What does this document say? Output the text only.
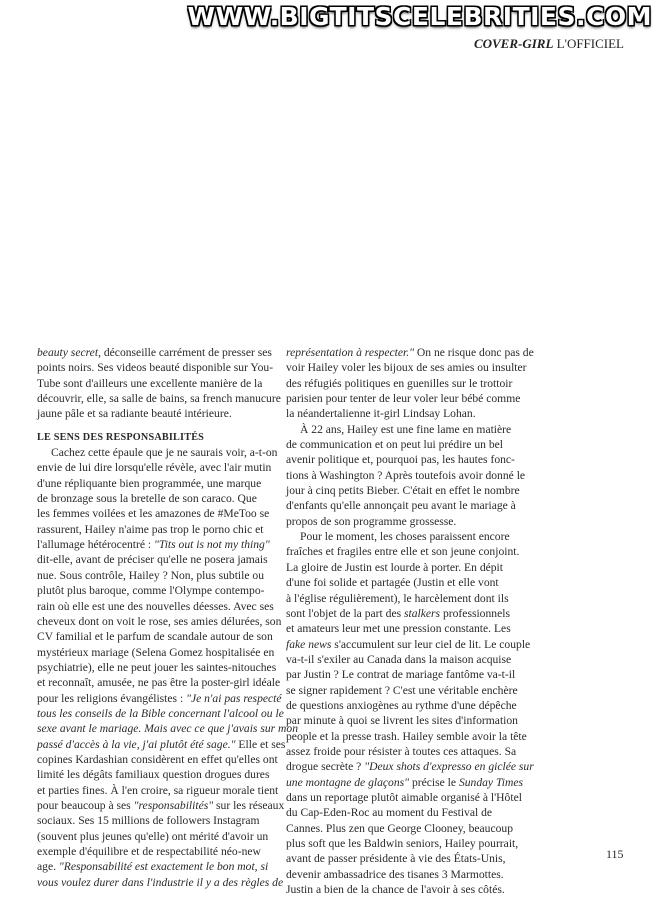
WWW.BIGTITSCELEBRITIES.COM
COVER-GIRL L'OFFICIEL
beauty secret, déconseille carrément de presser ses
points noirs. Ses videos beauté disponible sur You-
Tube sont d'ailleurs une excellente manière de la
découvrir, elle, sa salle de bains, sa french manucure
jaune pâle et sa radiante beauté intérieure.
LE SENS DES RESPONSABILITÉS
Cachez cette épaule que je ne saurais voir, a-t-on
envie de lui dire lorsqu'elle révèle, avec l'air mutin
d'une répliquante bien programmée, une marque
de bronzage sous la bretelle de son caraco. Que
les femmes voilées et les amazones de #MeToo se
rassurent, Hailey n'aime pas trop le porno chic et
l'allumage hétérocentré : "Tits out is not my thing"
dit-elle, avant de préciser qu'elle ne posera jamais
nue. Sous contrôle, Hailey ? Non, plus subtile ou
plutôt plus baroque, comme l'Olympe contempo-
rain où elle est une des nouvelles déesses. Avec ses
cheveux dont on voit le rose, ses amies délurées, son
CV familial et le parfum de scandale autour de son
mystérieux mariage (Selena Gomez hospitalisée en
psychiatrie), elle ne peut jouer les saintes-nitouches
et reconnaît, amusée, ne pas être la poster-girl idéale
pour les religions évangélistes : "Je n'ai pas respecté
tous les conseils de la Bible concernant l'alcool ou le
sexe avant le mariage. Mais avec ce que j'avais sur mon
passé d'accès à la vie, j'ai plutôt été sage." Elle et ses
copines Kardashian considèrent en effet qu'elles ont
limité les dégâts familiaux question drogues dures
et parties fines. À l'en croire, sa rigueur morale tient
pour beaucoup à ses "responsabilités" sur les réseaux
sociaux. Ses 15 millions de followers Instagram
(souvent plus jeunes qu'elle) ont mérité d'avoir un
exemple d'équilibre et de respectabilité néo-new
age. "Responsabilité est exactement le bon mot, si
vous voulez durer dans l'industrie il y a des règles de
représentation à respecter." On ne risque donc pas de
voir Hailey voler les bijoux de ses amies ou insulter
des réfugiés politiques en guenilles sur le trottoir
parisien pour tenter de leur voler leur bébé comme
la néandertalienne it-girl Lindsay Lohan.
À 22 ans, Hailey est une fine lame en matière
de communication et on peut lui prédire un bel
avenir politique et, pourquoi pas, les hautes fonc-
tions à Washington ? Après toutefois avoir donné le
jour à cinq petits Bieber. C'était en effet le nombre
d'enfants qu'elle annonçait peu avant le mariage à
propos de son programme grossesse.
Pour le moment, les choses paraissent encore
fraîches et fragiles entre elle et son jeune conjoint.
La gloire de Justin est lourde à porter. En dépit
d'une foi solide et partagée (Justin et elle vont
à l'église régulièrement), le harcèlement dont ils
sont l'objet de la part des stalkers professionnels
et amateurs leur met une pression constante. Les
fake news s'accumulent sur leur ciel de lit. Le couple
va-t-il s'exiler au Canada dans la maison acquise
par Justin ? Le contrat de mariage fantôme va-t-il
se signer rapidement ? C'est une véritable enchère
de questions anxiogènes au rythme d'une dépêche
par minute à quoi se livrent les sites d'information
people et la presse trash. Hailey semble avoir la tête
assez froide pour résister à toutes ces attaques. Sa
drogue secrète ? "Deux shots d'expresso en giclée sur
une montagne de glaçons" précise le Sunday Times
dans un reportage plutôt aimable organisé à l'Hôtel
du Cap-Eden-Roc au moment du Festival de
Cannes. Plus zen que George Clooney, beaucoup
plus soft que les Baldwin seniors, Hailey pourrait,
avant de passer présidente à vie des États-Unis,
devenir ambassadrice des tisanes 3 Marmottes.
Justin a bien de la chance de l'avoir à ses côtés.
115
